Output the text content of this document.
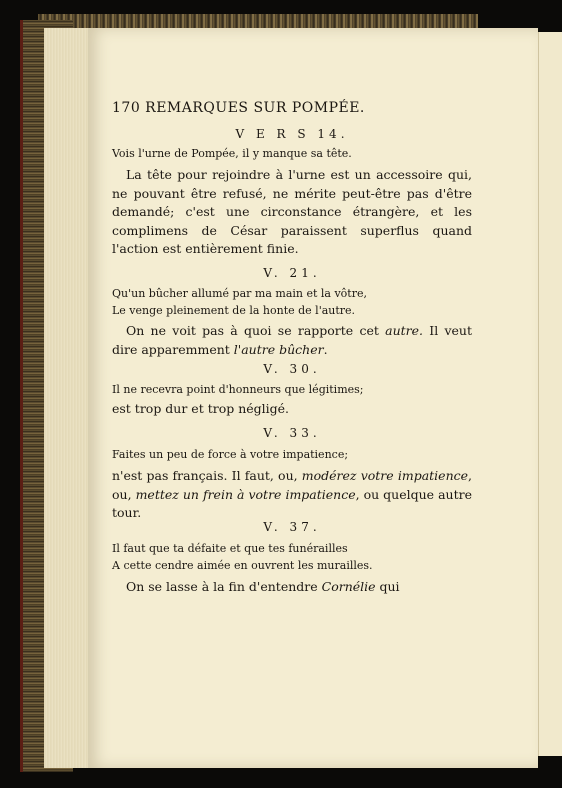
170 REMARQUES SUR POMPÉE.
V E R S 14.
Vois l'urne de Pompée, il y manque sa tête.
La tête pour rejoindre à l'urne est un accessoire qui, ne pouvant être refusé, ne mérite peut-être pas d'être demandé; c'est une circonstance étrangère, et les complimens de César paraissent superflus quand l'action est entièrement finie.
V. 21.
Qu'un bûcher allumé par ma main et la vôtre,
Le venge pleinement de la honte de l'autre.
On ne voit pas à quoi se rapporte cet autre. Il veut dire apparemment l'autre bûcher.
V. 30.
Il ne recevra point d'honneurs que légitimes;
est trop dur et trop négligé.
V. 33.
Faites un peu de force à votre impatience;
n'est pas français. Il faut, ou, modérez votre impatience, ou, mettez un frein à votre impatience, ou quelque autre tour.
V. 37.
Il faut que ta défaite et que tes funérailles
A cette cendre aimée en ouvrent les murailles.
On se lasse à la fin d'entendre Cornélie qui
